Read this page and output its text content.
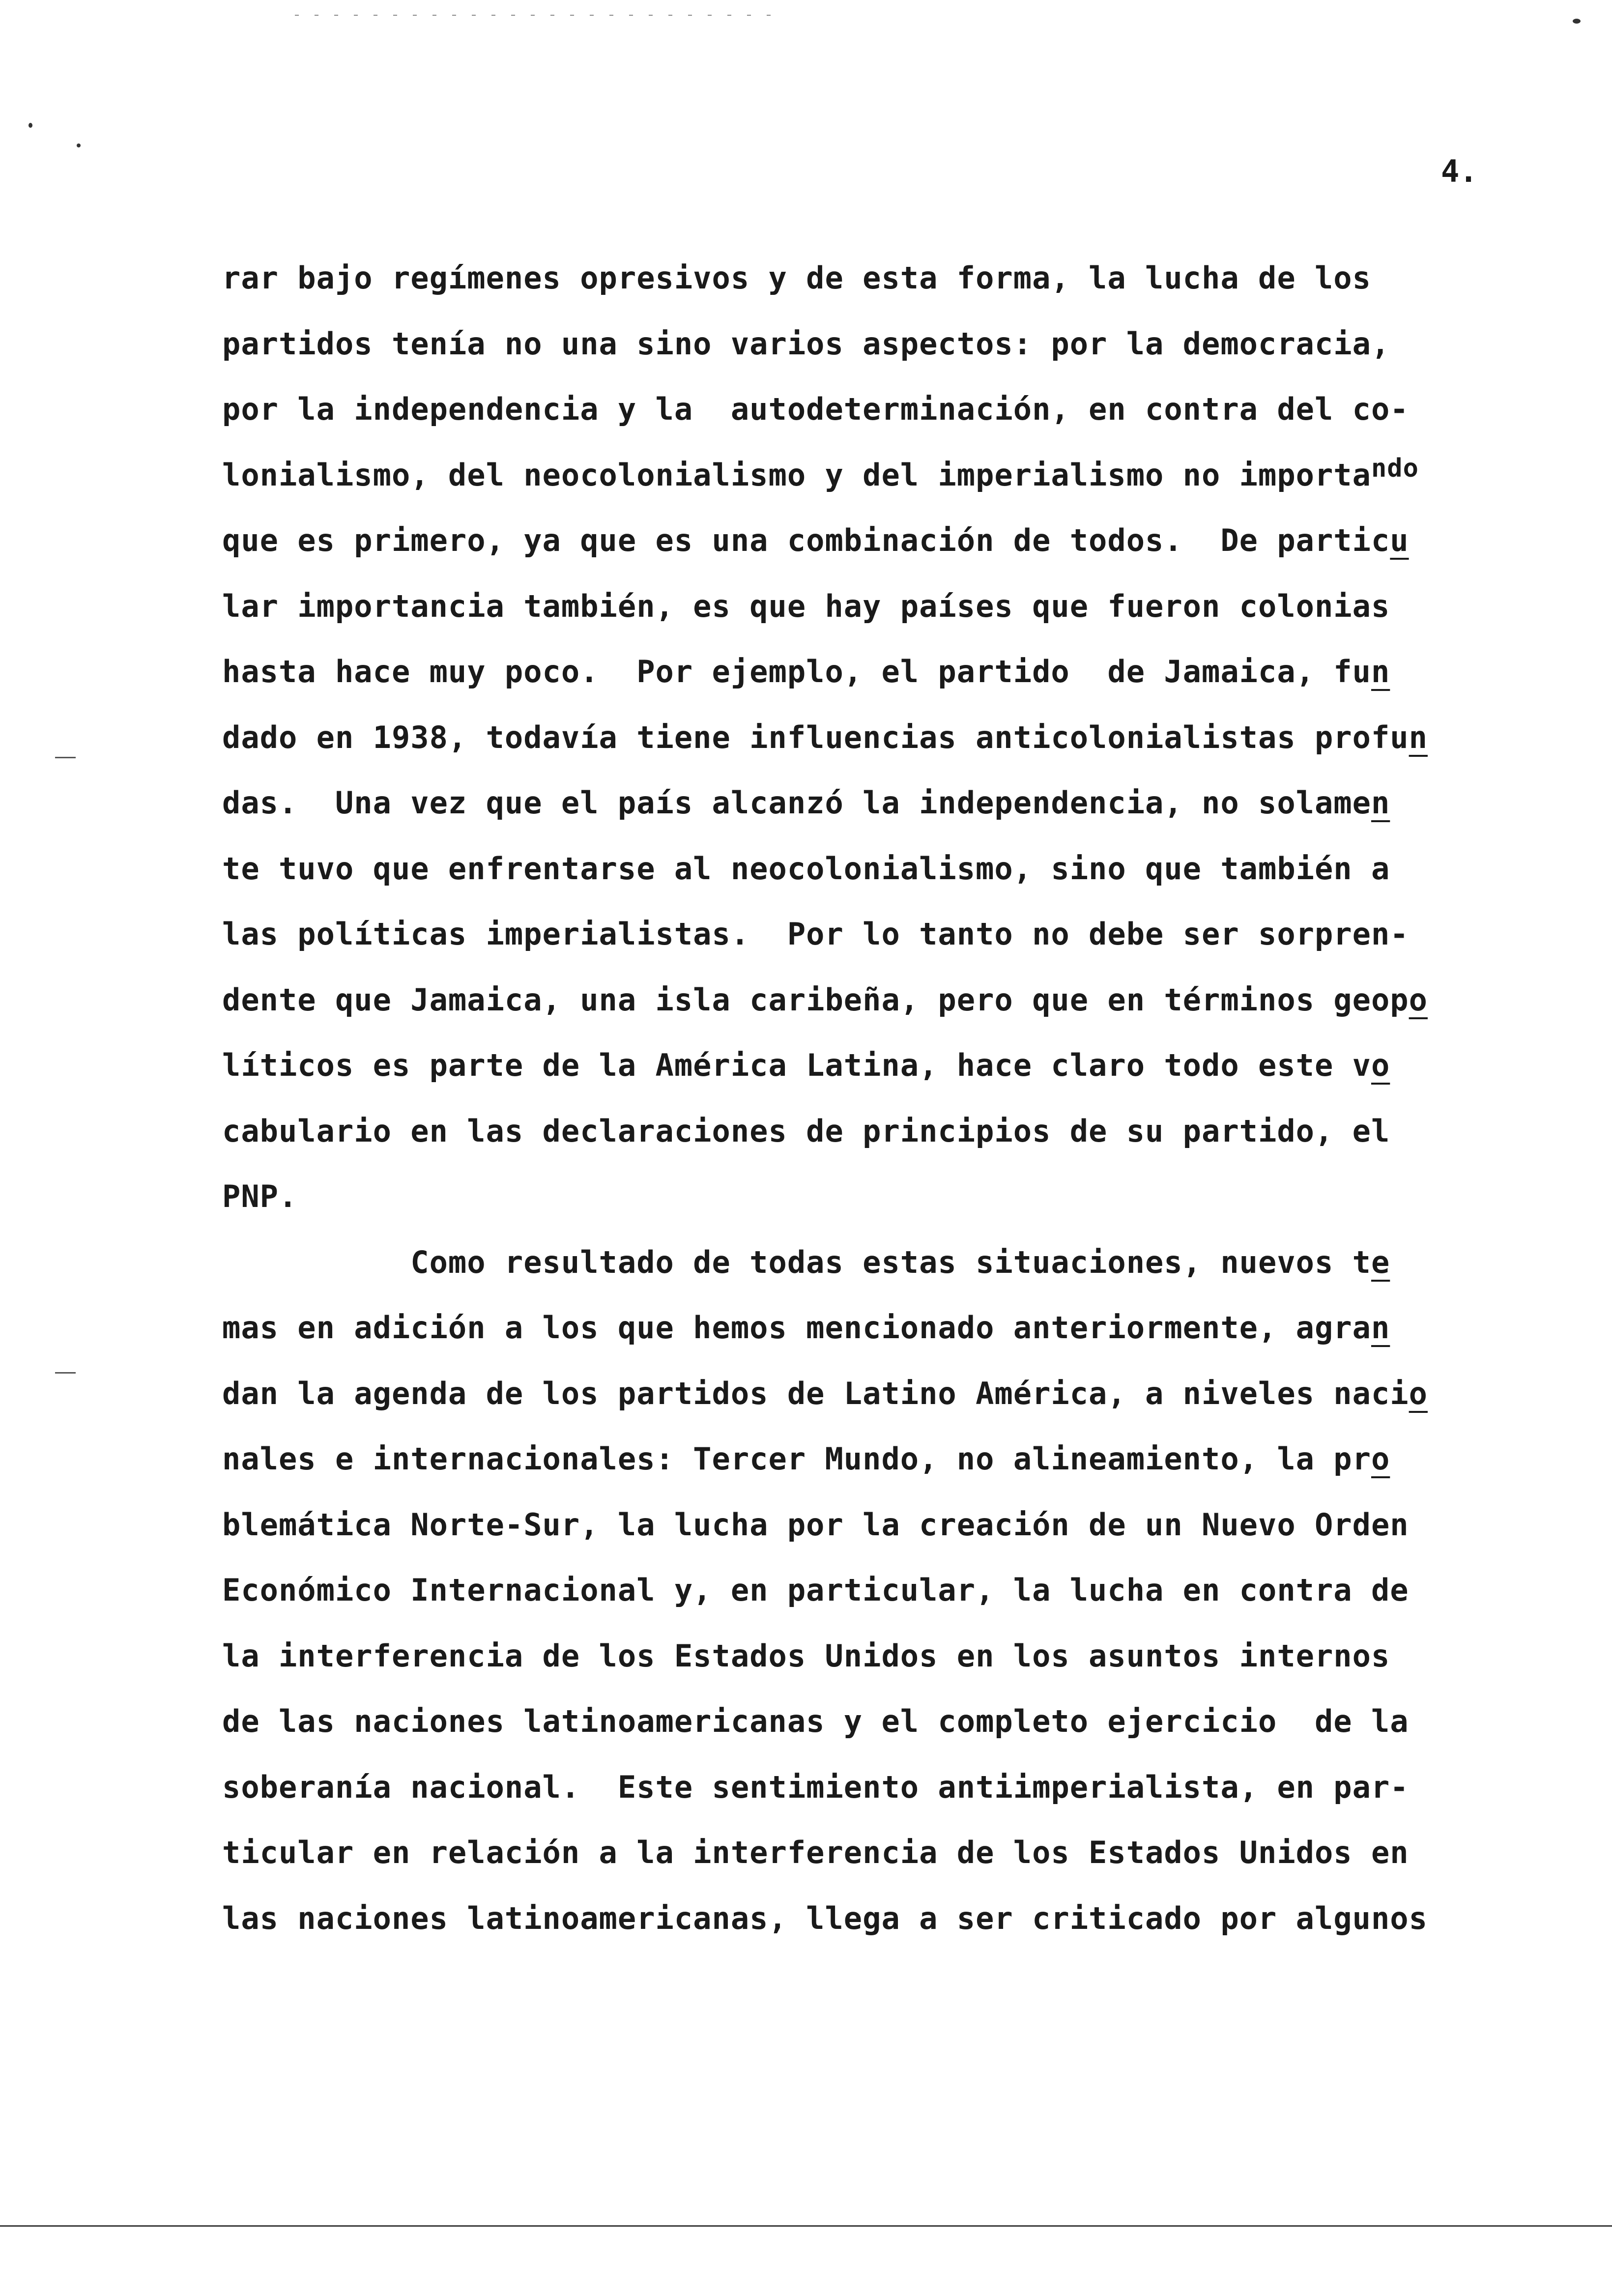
4.
rar bajo regímenes opresivos y de esta forma, la lucha de los
partidos tenía no una sino varios aspectos: por la democracia,
por la independencia y la  autodeterminación, en contra del co-
lonialismo, del neocolonialismo y del imperialismo no importa$^{ndo}$
que es primero, ya que es una combinación de todos.  De particu
lar importancia también, es que hay países que fueron colonias
hasta hace muy poco.  Por ejemplo, el partido  de Jamaica, fun
dado en 1938, todavía tiene influencias anticolonialistas profun
das.  Una vez que el país alcanzó la independencia, no solamen
te tuvo que enfrentarse al neocolonialismo, sino que también a
las políticas imperialistas.  Por lo tanto no debe ser sorpren-
dente que Jamaica, una isla caribeña, pero que en términos geopo
líticos es parte de la América Latina, hace claro todo este vo
cabulario en las declaraciones de principios de su partido, el
PNP.
Como resultado de todas estas situaciones, nuevos te
mas en adición a los que hemos mencionado anteriormente, agran
dan la agenda de los partidos de Latino América, a niveles nacio
nales e internacionales: Tercer Mundo, no alineamiento, la pro
blemática Norte-Sur, la lucha por la creación de un Nuevo Orden
Económico Internacional y, en particular, la lucha en contra de
la interferencia de los Estados Unidos en los asuntos internos
de las naciones latinoamericanas y el completo ejercicio  de la
soberanía nacional.  Este sentimiento antiimperialista, en par-
ticular en relación a la interferencia de los Estados Unidos en
las naciones latinoamericanas, llega a ser criticado por algunos
